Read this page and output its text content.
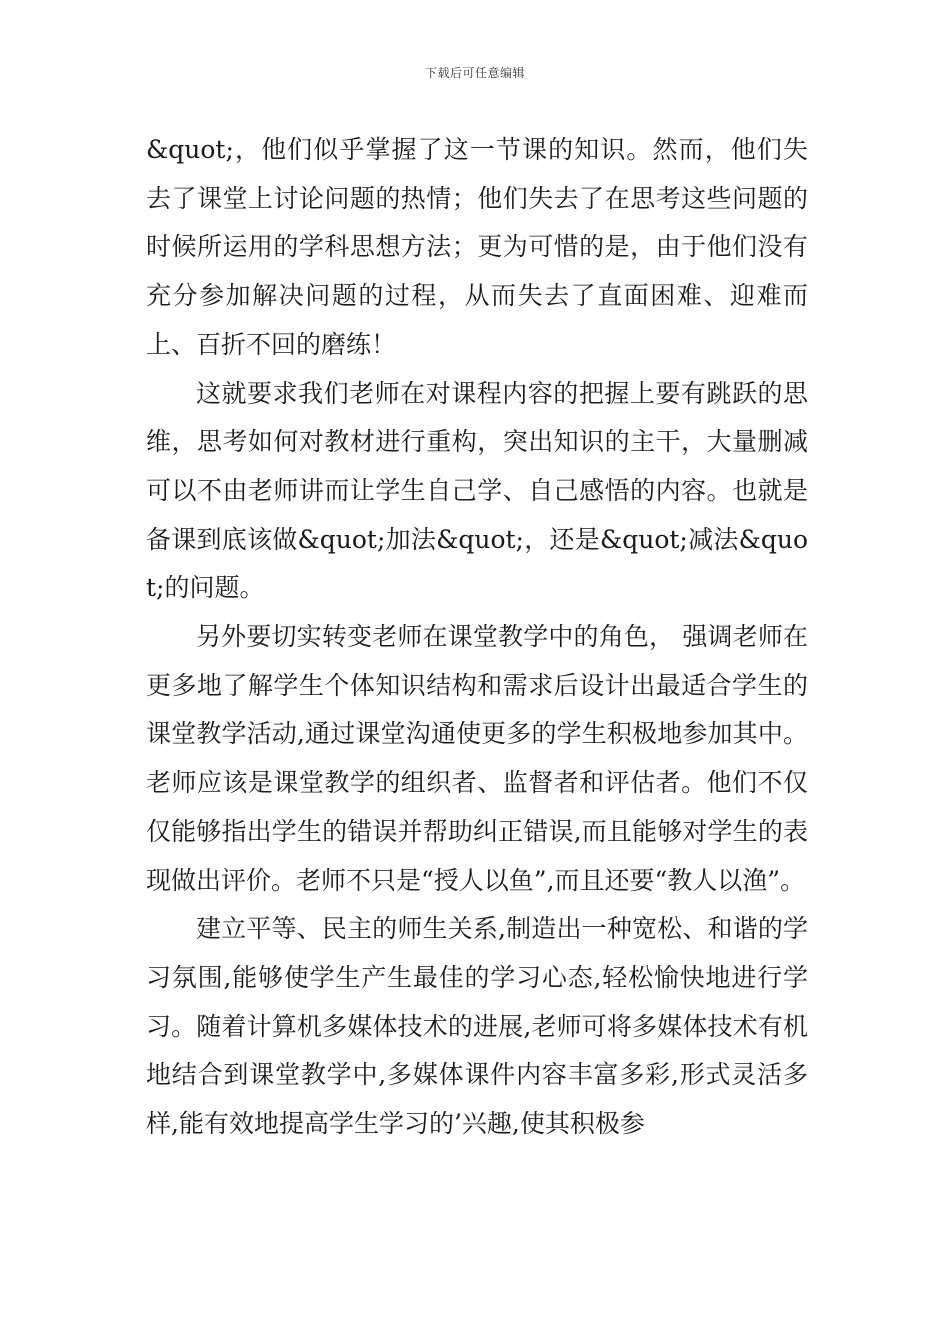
下载后可任意编辑

&quot;，他们似乎掌握了这一节课的知识。然而，他们失去了课堂上讨论问题的热情；他们失去了在思考这些问题的时候所运用的学科思想方法；更为可惜的是，由于他们没有充分参加解决问题的过程，从而失去了直面困难、迎难而上、百折不回的磨练！

这就要求我们老师在对课程内容的把握上要有跳跃的思维，思考如何对教材进行重构，突出知识的主干，大量删减可以不由老师讲而让学生自己学、自己感悟的内容。也就是备课到底该做&quot;加法&quot;，还是&quot;减法&quot;的问题。

另外要切实转变老师在课堂教学中的角色， 强调老师在更多地了解学生个体知识结构和需求后设计出最适合学生的课堂教学活动,通过课堂沟通使更多的学生积极地参加其中。老师应该是课堂教学的组织者、监督者和评估者。他们不仅仅能够指出学生的错误并帮助纠正错误,而且能够对学生的表现做出评价。老师不只是“授人以鱼”,而且还要“教人以渔”。

建立平等、民主的师生关系,制造出一种宽松、和谐的学习氛围,能够使学生产生最佳的学习心态,轻松愉快地进行学习。随着计算机多媒体技术的进展,老师可将多媒体技术有机地结合到课堂教学中,多媒体课件内容丰富多彩,形式灵活多样,能有效地提高学生学习的’兴趣,使其积极参
